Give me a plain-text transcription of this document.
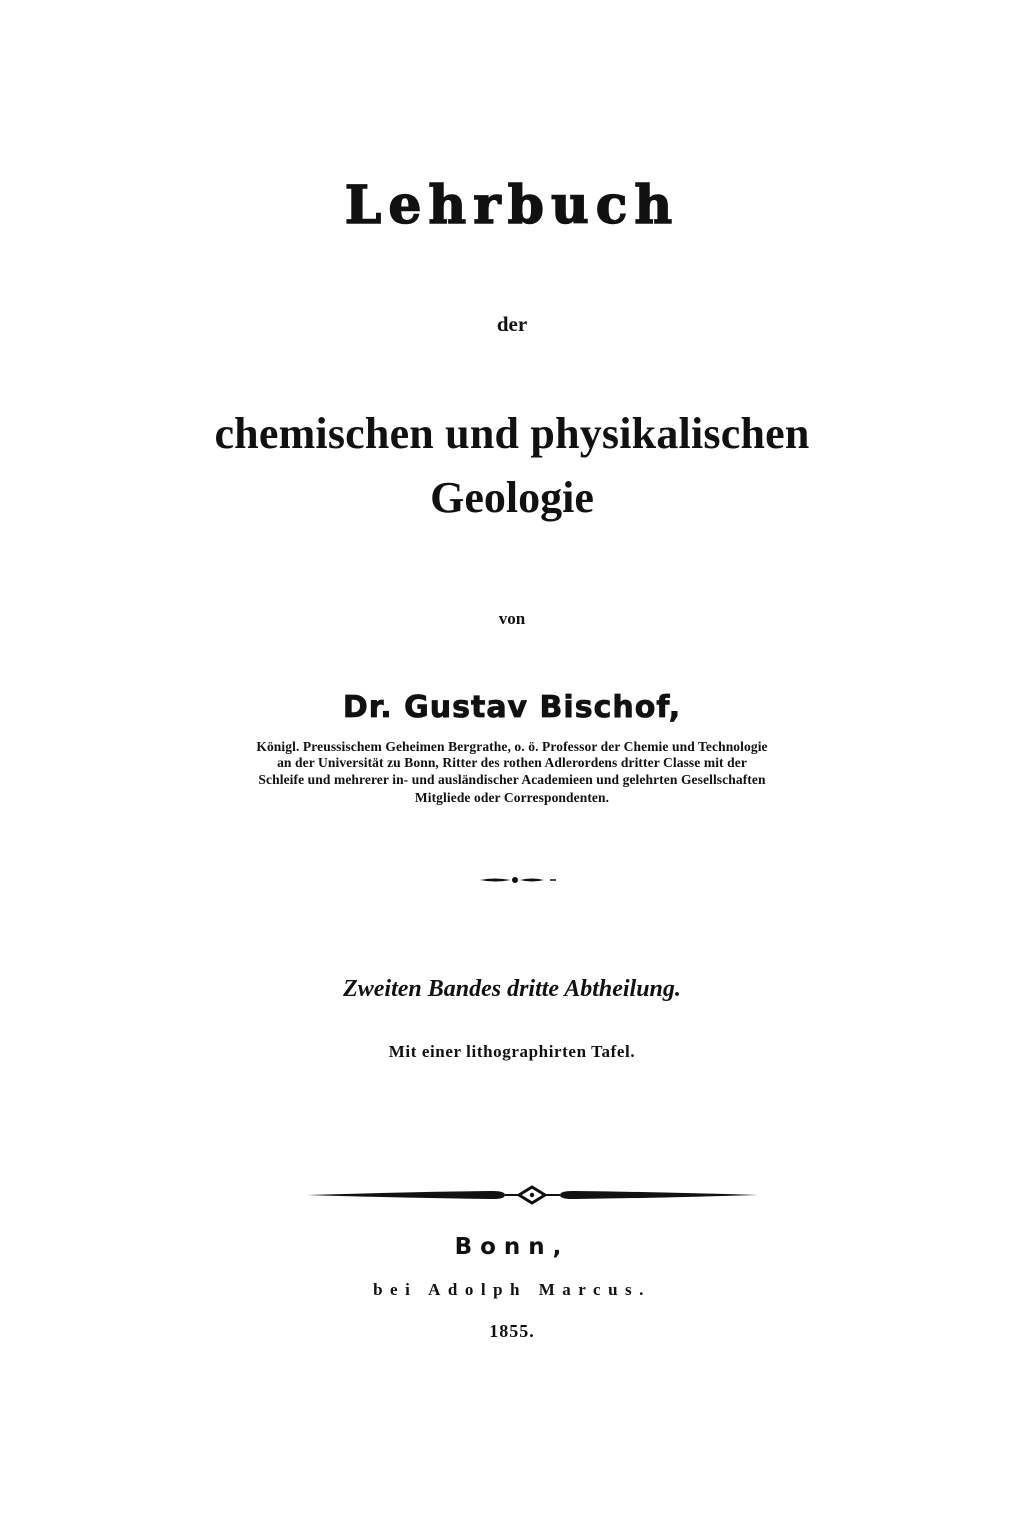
Lehrbuch
der
chemischen und physikalischen
Geologie
von
Dr. Gustav Bischof,
Königl. Preussischem Geheimen Bergrathe, o. ö. Professor der Chemie und Technologie
an der Universität zu Bonn, Ritter des rothen Adlerordens dritter Classe mit der
Schleife und mehrerer in- und ausländischer Academieen und gelehrten Gesellschaften
Mitgliede oder Correspondenten.
Zweiten Bandes dritte Abtheilung.
Mit einer lithographirten Tafel.
Bonn,
bei Adolph Marcus.
1855.
